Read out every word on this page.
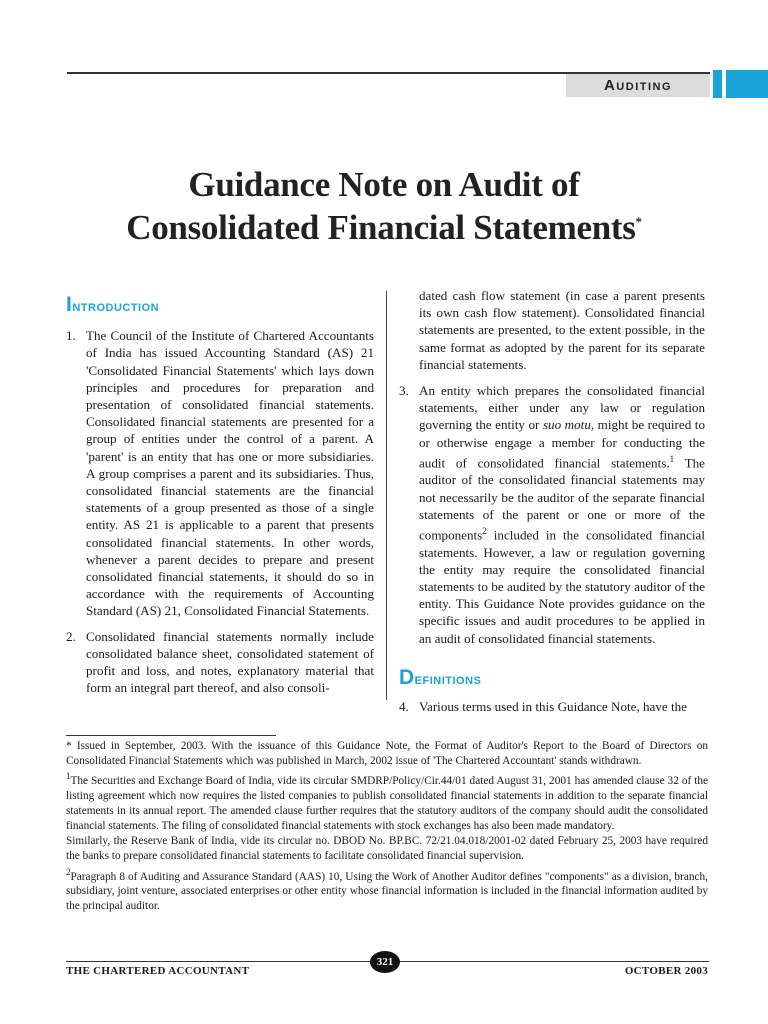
Auditing
Guidance Note on Audit of
Consolidated Financial Statements*
Introduction
1. The Council of the Institute of Chartered Accountants of India has issued Accounting Standard (AS) 21 'Consolidated Financial Statements' which lays down principles and procedures for preparation and presentation of consolidated financial statements. Consolidated financial statements are presented for a group of entities under the control of a parent. A 'parent' is an entity that has one or more subsidiaries. A group comprises a parent and its subsidiaries. Thus, consolidated financial statements are the financial statements of a group presented as those of a single entity. AS 21 is applicable to a parent that presents consolidated financial statements. In other words, whenever a parent decides to prepare and present consolidated financial statements, it should do so in accordance with the requirements of Accounting Standard (AS) 21, Consolidated Financial Statements.
2. Consolidated financial statements normally include consolidated balance sheet, consolidated statement of profit and loss, and notes, explanatory material that form an integral part thereof, and also consoli-
dated cash flow statement (in case a parent presents its own cash flow statement). Consolidated financial statements are presented, to the extent possible, in the same format as adopted by the parent for its separate financial statements.
3. An entity which prepares the consolidated financial statements, either under any law or regulation governing the entity or suo motu, might be required to or otherwise engage a member for conducting the audit of consolidated financial statements.$^1$ The auditor of the consolidated financial statements may not necessarily be the auditor of the separate financial statements of the parent or one or more of the components$^2$ included in the consolidated financial statements. However, a law or regulation governing the entity may require the consolidated financial statements to be audited by the statutory auditor of the entity. This Guidance Note provides guidance on the specific issues and audit procedures to be applied in an audit of consolidated financial statements.
Definitions
4. Various terms used in this Guidance Note, have the

* Issued in September, 2003. With the issuance of this Guidance Note, the Format of Auditor's Report to the Board of Directors on Consolidated Financial Statements which was published in March, 2002 issue of 'The Chartered Accountant' stands withdrawn.

$^1$The Securities and Exchange Board of India, vide its circular SMDRP/Policy/Cir.44/01 dated August 31, 2001 has amended clause 32 of the listing agreement which now requires the listed companies to publish consolidated financial statements in addition to the separate financial statements in its annual report. The amended clause further requires that the statutory auditors of the company should audit the consolidated financial statements. The filing of consolidated financial statements with stock exchanges has also been made mandatory.

Similarly, the Reserve Bank of India, vide its circular no. DBOD No. BP.BC. 72/21.04.018/2001-02 dated February 25, 2003 have required the banks to prepare consolidated financial statements to facilitate consolidated financial supervision.

$^2$Paragraph 8 of Auditing and Assurance Standard (AAS) 10, Using the Work of Another Auditor defines "components" as a division, branch, subsidiary, joint venture, associated enterprises or other entity whose financial information is included in the financial information audited by the principal auditor.

321
THE CHARTERED ACCOUNTANT	OCTOBER 2003
